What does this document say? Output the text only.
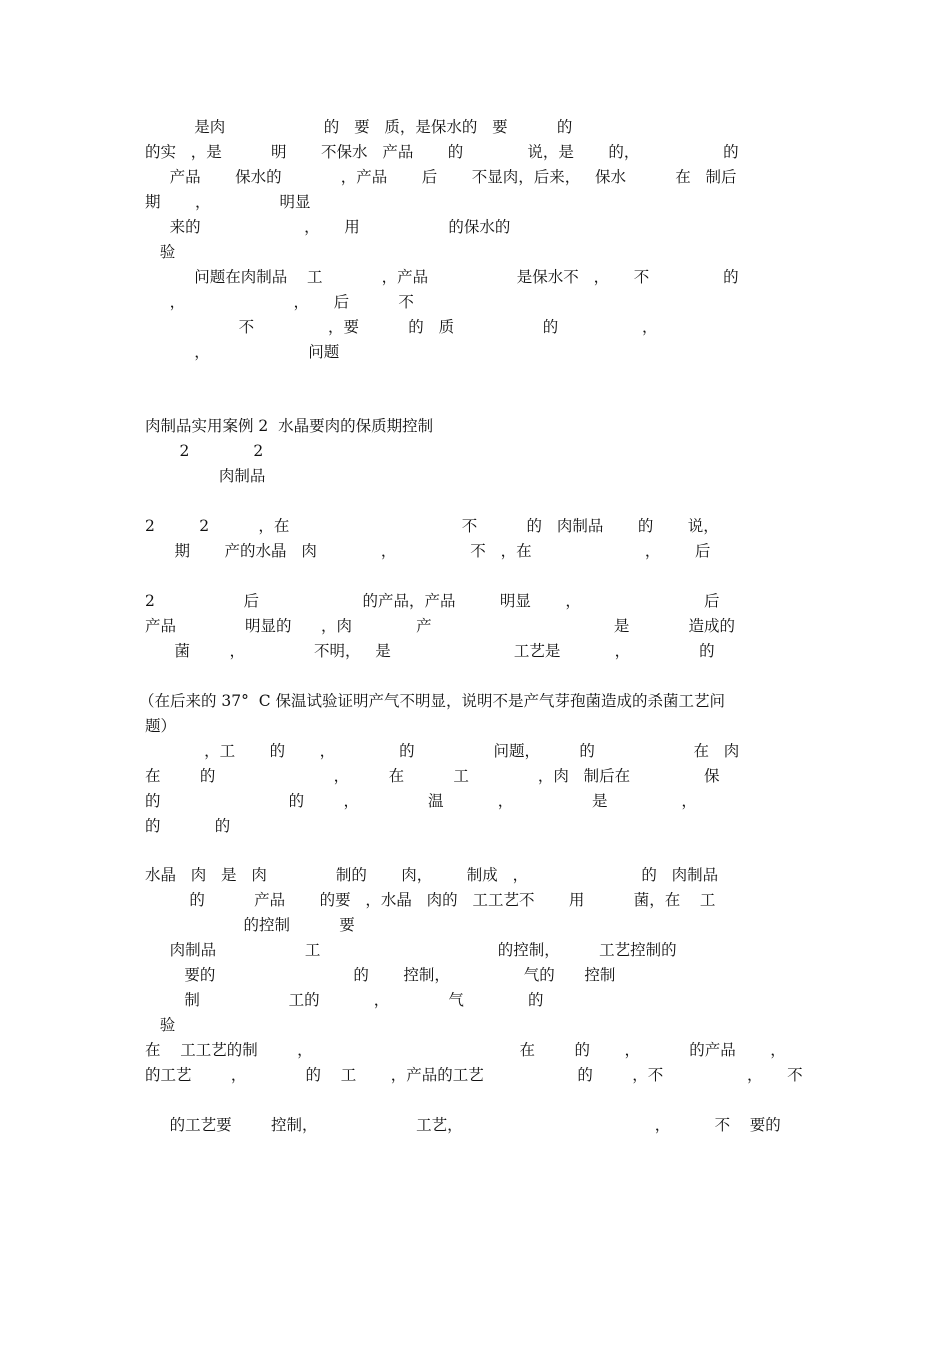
是肉                    的   要   质，是保水的   要          的
的实   ，是          明       不保水   产品       的             说，是       的，                 的
产品       保水的            ，产品       后       不显肉，后来，   保水          在   制后
期       ，              明显
来的                     ，     用                  的保水的
验
问题在肉制品    工            ，产品                  是保水不   ，     不               的
，                      ，     后          不
不               ，要          的   质                  的                 ，
，                    问题
肉制品实用案例 2  水晶要肉的保质期控制
2             2
肉制品
2         2          ，在                                   不          的   肉制品       的       说，
期       产的水晶   肉             ，               不   ，在                       ，       后
2                  后                     的产品，产品         明显       ，                         后
产品              明显的      ，肉             产                                     是            造成的
菌        ，              不明，   是                         工艺是           ，              的
（在后来的 37°  C 保温试验证明产气不明显，说明不是产气芽孢菌造成的杀菌工艺问
题）
，工       的       ，             的                问题，        的                    在   肉
在        的                        ，        在          工              ，肉   制后在               保
的                          的        ，              温           ，                是               ，
的           的
水晶   肉   是   肉              制的       肉，       制成   ，                       的   肉制品
的          产品       的要   ，水晶   肉的   工工艺不       用          菌，在    工
的控制          要
肉制品                  工                                    的控制，        工艺控制的
要的                            的       控制，               气的      控制
制                  工的           ，            气             的
验
在    工工艺的制        ，                                          在        的       ，          的产品       ，
的工艺        ，            的    工       ，产品的工艺                   的        ，不                 ，     不
的工艺要        控制，                    工艺，                                       ，         不    要的
